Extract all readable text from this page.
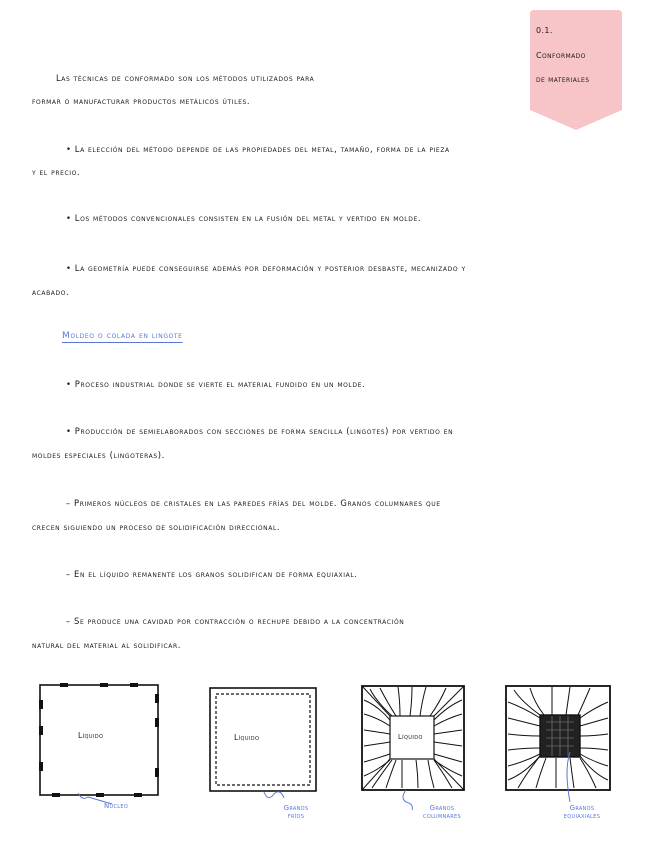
0.1.
Conformado
de materiales
Las técnicas de conformado son los métodos utilizados para
formar o manufacturar productos metálicos útiles.
• La elección del método depende de las propiedades del metal, tamaño, forma de la pieza
y el precio.
• Los métodos convencionales consisten en la fusión del metal y vertido en molde.
• La geometría puede conseguirse además por deformación y posterior desbaste, mecanizado y
acabado.
Moldeo o colada en lingote
• Proceso industrial donde se vierte el material fundido en un molde.
• Producción de semielaborados con secciones de forma sencilla (lingotes) por vertido en
moldes especiales (lingoteras).
– Primeros núcleos de cristales en las paredes frías del molde. Granos columnares que
crecen siguiendo un proceso de solidificación direccional.
– En el líquido remanente los granos solidifican de forma equiaxial.
– Se produce una cavidad por contracción o rechupe debido a la concentración
natural del material al solidificar.
Líquido	Líquido	Líquido
Núcleo	Granos fríos
Granos columnares
Granos equiaxiales
